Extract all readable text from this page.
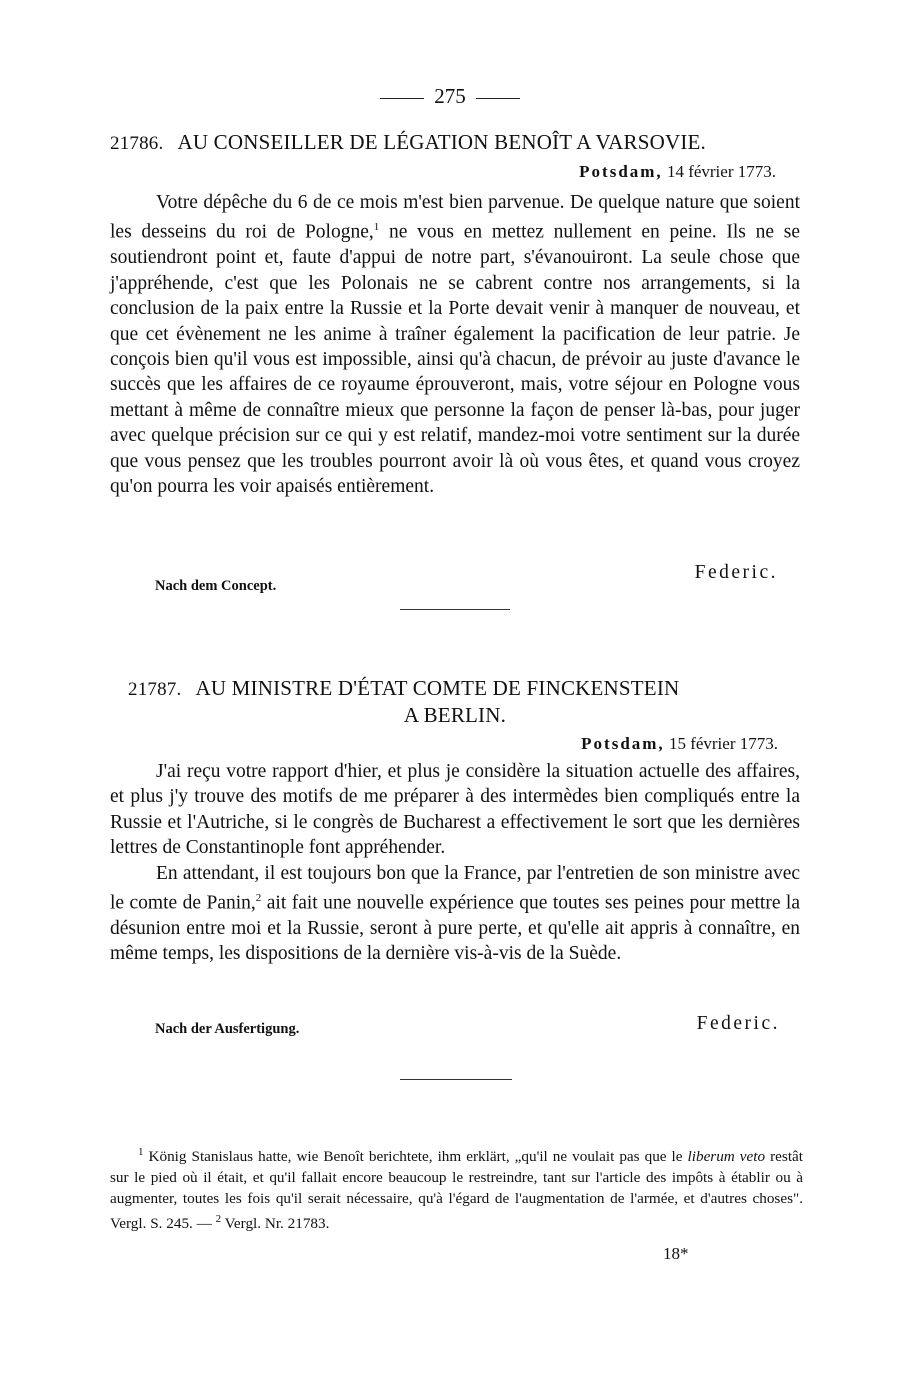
275
21786. AU CONSEILLER DE LÉGATION BENOÎT A VARSOVIE.
Potsdam, 14 février 1773.

Votre dépêche du 6 de ce mois m'est bien parvenue. De quelque nature que soient les desseins du roi de Pologne,$^1$ ne vous en mettez nullement en peine. Ils ne se soutiendront point et, faute d'appui de notre part, s'évanouiront. La seule chose que j'appréhende, c'est que les Polonais ne se cabrent contre nos arrangements, si la conclusion de la paix entre la Russie et la Porte devait venir à manquer de nouveau, et que cet évènement ne les anime à traîner également la pacification de leur patrie. Je conçois bien qu'il vous est impossible, ainsi qu'à chacun, de prévoir au juste d'avance le succès que les affaires de ce royaume éprouveront, mais, votre séjour en Pologne vous mettant à même de connaître mieux que personne la façon de penser là-bas, pour juger avec quelque précision sur ce qui y est relatif, mandez-moi votre sentiment sur la durée que vous pensez que les troubles pourront avoir là où vous êtes, et quand vous croyez qu'on pourra les voir apaisés entièrement.

Nach dem Concept.
Federic.
21787. AU MINISTRE D'ÉTAT COMTE DE FINCKENSTEIN
A BERLIN.
Potsdam, 15 février 1773.

J'ai reçu votre rapport d'hier, et plus je considère la situation actuelle des affaires, et plus j'y trouve des motifs de me préparer à des intermèdes bien compliqués entre la Russie et l'Autriche, si le congrès de Bucharest a effectivement le sort que les dernières lettres de Constantinople font appréhender.

En attendant, il est toujours bon que la France, par l'entretien de son ministre avec le comte de Panin,$^2$ ait fait une nouvelle expérience que toutes ses peines pour mettre la désunion entre moi et la Russie, seront à pure perte, et qu'elle ait appris à connaître, en même temps, les dispositions de la dernière vis-à-vis de la Suède.

Nach der Ausfertigung.	Federic.

$^1$ König Stanislaus hatte, wie Benoît berichtete, ihm erklärt, „qu'il ne voulait pas que le liberum veto restât sur le pied où il était, et qu'il fallait encore beaucoup le restreindre, tant sur l'article des impôts à établir ou à augmenter, toutes les fois qu'il serait nécessaire, qu'à l'égard de l'augmentation de l'armée, et d'autres choses". Vergl. S. 245. — $^2$ Vergl. Nr. 21783.

18*
